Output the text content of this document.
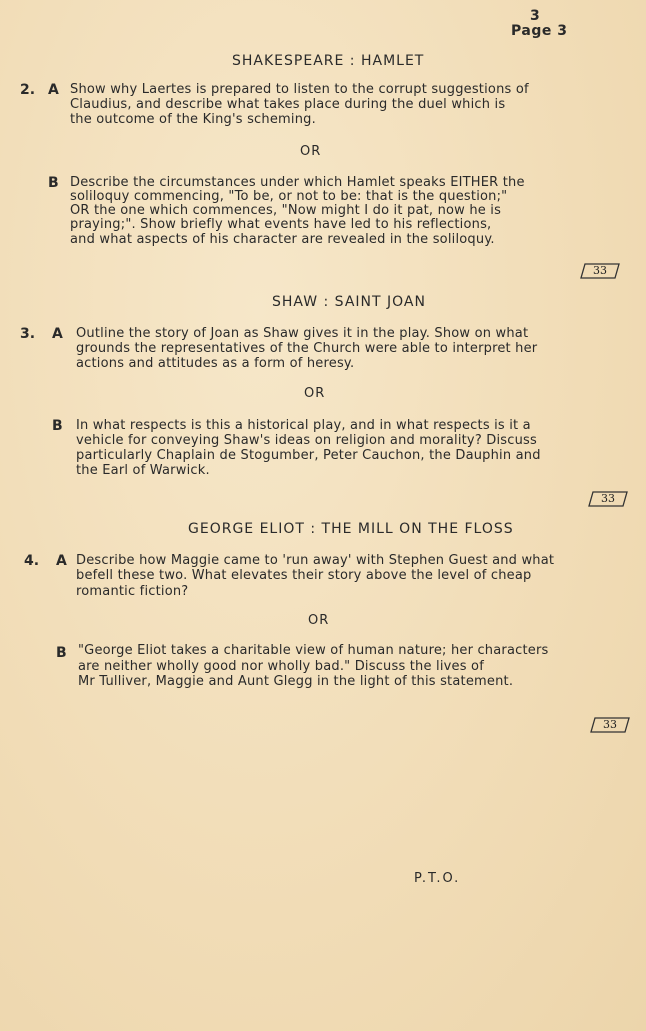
3
Page 3
SHAKESPEARE : HAMLET
2. A Show why Laertes is prepared to listen to the corrupt suggestions of
Claudius, and describe what takes place during the duel which is
the outcome of the King's scheming.
OR
B Describe the circumstances under which Hamlet speaks EITHER the
soliloquy commencing, "To be, or not to be: that is the question;"
OR the one which commences, "Now might I do it pat, now he is
praying;". Show briefly what events have led to his reflections,
and what aspects of his character are revealed in the soliloquy.
33
SHAW : SAINT JOAN
3. A Outline the story of Joan as Shaw gives it in the play. Show on what
grounds the representatives of the Church were able to interpret her
actions and attitudes as a form of heresy.
OR
B In what respects is this a historical play, and in what respects is it a
vehicle for conveying Shaw's ideas on religion and morality? Discuss
particularly Chaplain de Stogumber, Peter Cauchon, the Dauphin and
the Earl of Warwick.
33
GEORGE ELIOT : THE MILL ON THE FLOSS
4. A Describe how Maggie came to 'run away' with Stephen Guest and what
befell these two. What elevates their story above the level of cheap
romantic fiction?
OR
B "George Eliot takes a charitable view of human nature; her characters
are neither wholly good nor wholly bad." Discuss the lives of
Mr Tulliver, Maggie and Aunt Glegg in the light of this statement.
33
P.T.O.
